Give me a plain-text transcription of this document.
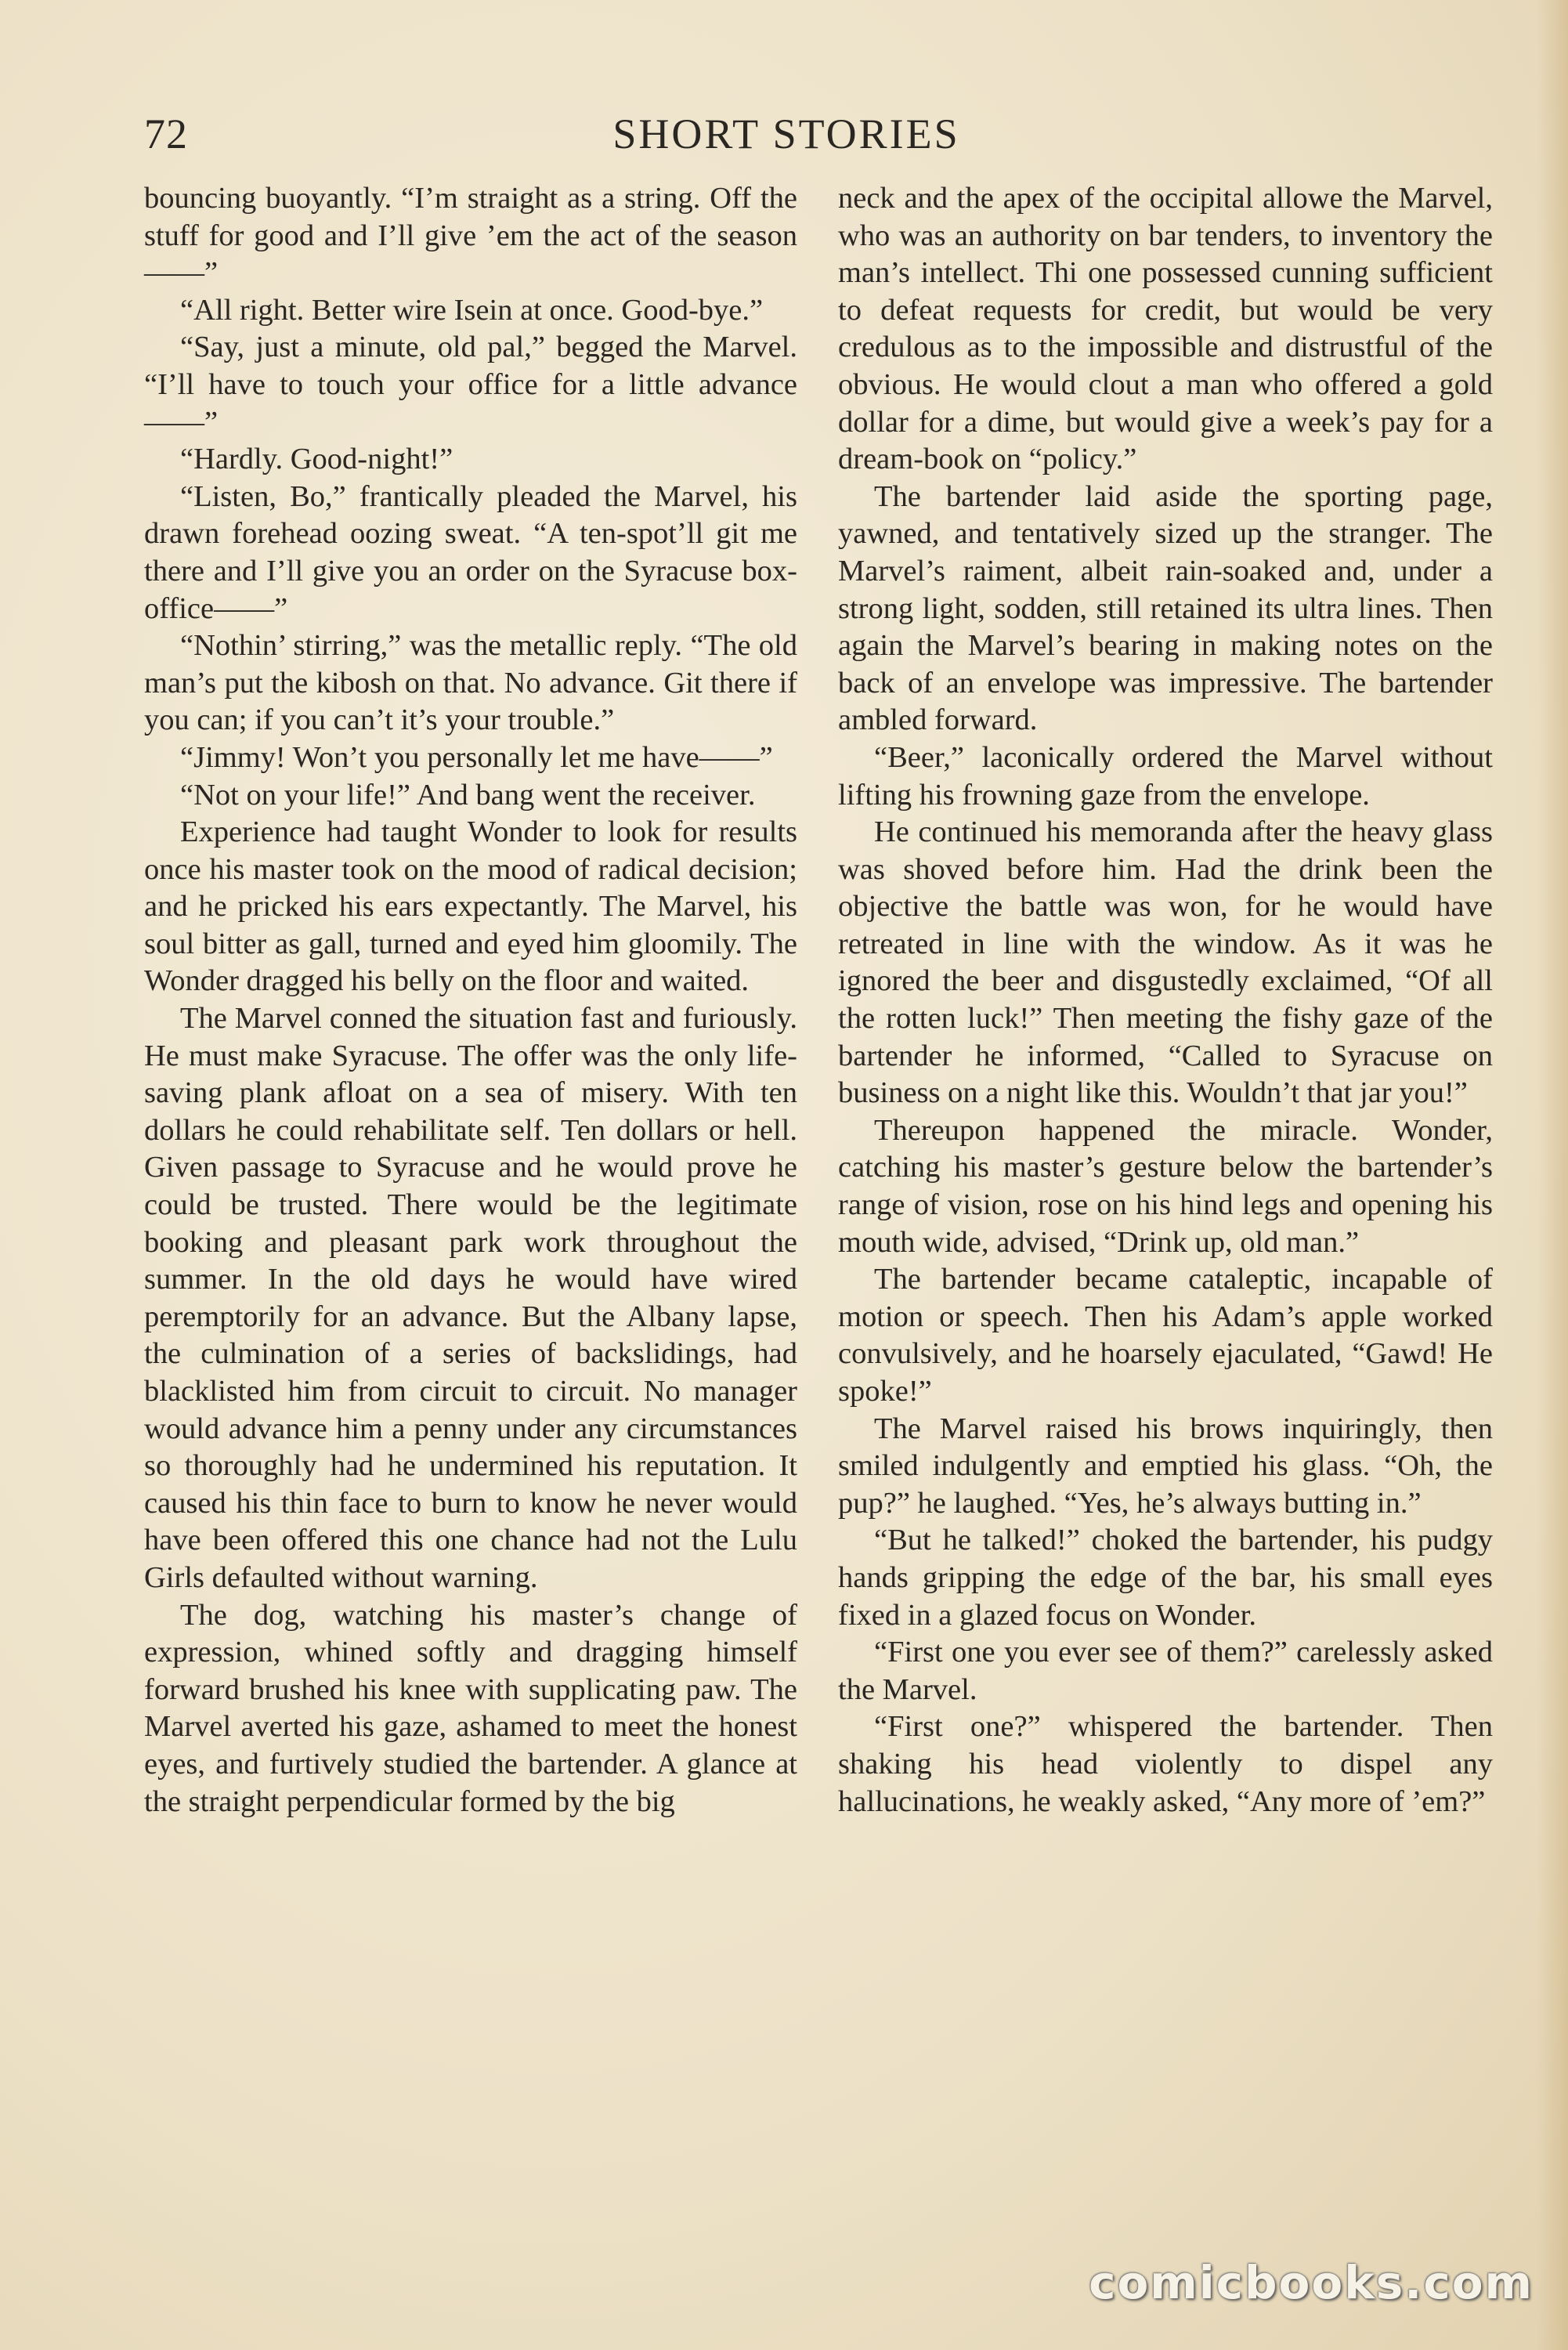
72	SHORT STORIES

bouncing buoyantly. “I’m straight as a string. Off the stuff for good and I’ll give ’em the act of the season——”

“All right. Better wire Isein at once. Good-bye.”

“Say, just a minute, old pal,” begged the Marvel. “I’ll have to touch your office for a little advance——”

“Hardly. Good-night!”

“Listen, Bo,” frantically pleaded the Marvel, his drawn forehead oozing sweat. “A ten-spot’ll git me there and I’ll give you an order on the Syracuse box-office——”

“Nothin’ stirring,” was the metallic reply. “The old man’s put the kibosh on that. No advance. Git there if you can; if you can’t it’s your trouble.”

“Jimmy! Won’t you personally let me have——”

“Not on your life!” And bang went the receiver.

Experience had taught Wonder to look for results once his master took on the mood of radical decision; and he pricked his ears expectantly. The Marvel, his soul bitter as gall, turned and eyed him gloomily. The Wonder dragged his belly on the floor and waited.

The Marvel conned the situation fast and furiously. He must make Syracuse. The offer was the only life-saving plank afloat on a sea of misery. With ten dollars he could rehabilitate self. Ten dollars or hell. Given passage to Syracuse and he would prove he could be trusted. There would be the legitimate booking and pleasant park work throughout the summer. In the old days he would have wired peremptorily for an advance. But the Albany lapse, the culmination of a series of backslidings, had blacklisted him from circuit to circuit. No manager would advance him a penny under any circumstances so thoroughly had he undermined his reputation. It caused his thin face to burn to know he never would have been offered this one chance had not the Lulu Girls defaulted without warning.

The dog, watching his master’s change of expression, whined softly and dragging himself forward brushed his knee with supplicating paw. The Marvel averted his gaze, ashamed to meet the honest eyes, and furtively studied the bartender. A glance at the straight perpendicular formed by the big

neck and the apex of the occipital allowe the Marvel, who was an authority on bar tenders, to inventory the man’s intellect. Thi one possessed cunning sufficient to defeat requests for credit, but would be very credulous as to the impossible and distrustful of the obvious. He would clout a man who offered a gold dollar for a dime, but would give a week’s pay for a dream-book on “policy.”

The bartender laid aside the sporting page, yawned, and tentatively sized up the stranger. The Marvel’s raiment, albeit rain-soaked and, under a strong light, sodden, still retained its ultra lines. Then again the Marvel’s bearing in making notes on the back of an envelope was impressive. The bartender ambled forward.

“Beer,” laconically ordered the Marvel without lifting his frowning gaze from the envelope.

He continued his memoranda after the heavy glass was shoved before him. Had the drink been the objective the battle was won, for he would have retreated in line with the window. As it was he ignored the beer and disgustedly exclaimed, “Of all the rotten luck!” Then meeting the fishy gaze of the bartender he informed, “Called to Syracuse on business on a night like this. Wouldn’t that jar you!”

Thereupon happened the miracle. Wonder, catching his master’s gesture below the bartender’s range of vision, rose on his hind legs and opening his mouth wide, advised, “Drink up, old man.”

The bartender became cataleptic, incapable of motion or speech. Then his Adam’s apple worked convulsively, and he hoarsely ejaculated, “Gawd! He spoke!”

The Marvel raised his brows inquiringly, then smiled indulgently and emptied his glass. “Oh, the pup?” he laughed. “Yes, he’s always butting in.”

“But he talked!” choked the bartender, his pudgy hands gripping the edge of the bar, his small eyes fixed in a glazed focus on Wonder.

“First one you ever see of them?” carelessly asked the Marvel.

“First one?” whispered the bartender. Then shaking his head violently to dispel any hallucinations, he weakly asked, “Any more of ’em?”

comicbooks.com
